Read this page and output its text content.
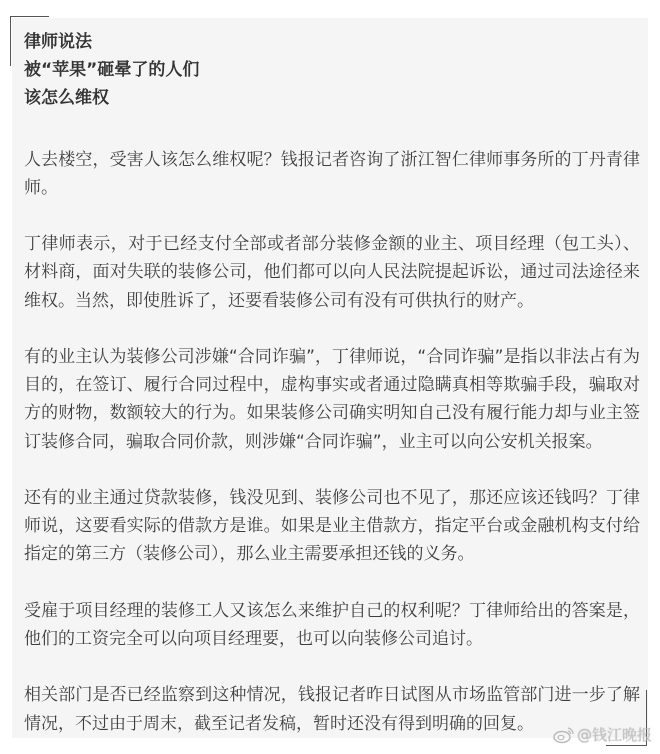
律师说法
被“苹果”砸晕了的人们
该怎么维权

人去楼空，受害人该怎么维权呢？钱报记者咨询了浙江智仁律师事务所的丁丹青律师。

丁律师表示，对于已经支付全部或者部分装修金额的业主、项目经理（包工头）、材料商，面对失联的装修公司，他们都可以向人民法院提起诉讼，通过司法途径来维权。当然，即使胜诉了，还要看装修公司有没有可供执行的财产。

有的业主认为装修公司涉嫌“合同诈骗”，丁律师说，“合同诈骗”是指以非法占有为目的，在签订、履行合同过程中，虚构事实或者通过隐瞒真相等欺骗手段，骗取对方的财物，数额较大的行为。如果装修公司确实明知自己没有履行能力却与业主签订装修合同，骗取合同价款，则涉嫌“合同诈骗”，业主可以向公安机关报案。

还有的业主通过贷款装修，钱没见到、装修公司也不见了，那还应该还钱吗？丁律师说，这要看实际的借款方是谁。如果是业主借款方，指定平台或金融机构支付给指定的第三方（装修公司），那么业主需要承担还钱的义务。

受雇于项目经理的装修工人又该怎么来维护自己的权利呢？丁律师给出的答案是，他们的工资完全可以向项目经理要，也可以向装修公司追讨。

相关部门是否已经监察到这种情况，钱报记者昨日试图从市场监管部门进一步了解情况，不过由于周末，截至记者发稿，暂时还没有得到明确的回复。

@钱江晚报
